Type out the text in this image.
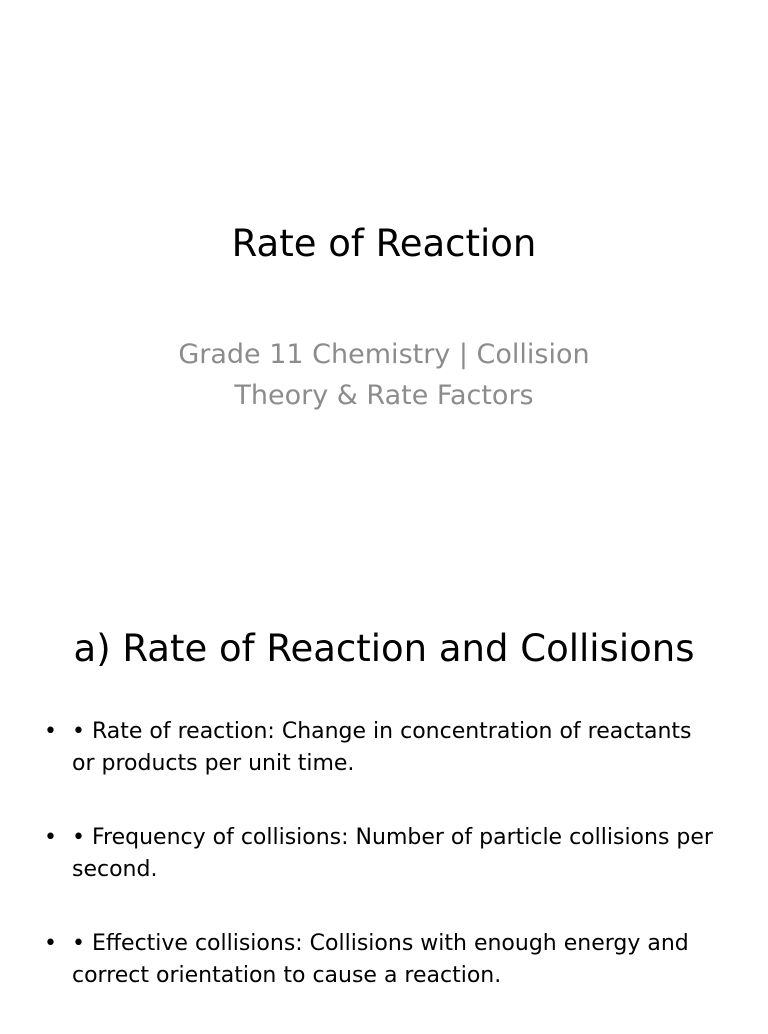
Rate of Reaction

Grade 11 Chemistry | Collision Theory & Rate Factors

a) Rate of Reaction and Collisions
• • Rate of reaction: Change in concentration of reactants or products per unit time.
• • Frequency of collisions: Number of particle collisions per second.
• • Effective collisions: Collisions with enough energy and correct orientation to cause a reaction.
